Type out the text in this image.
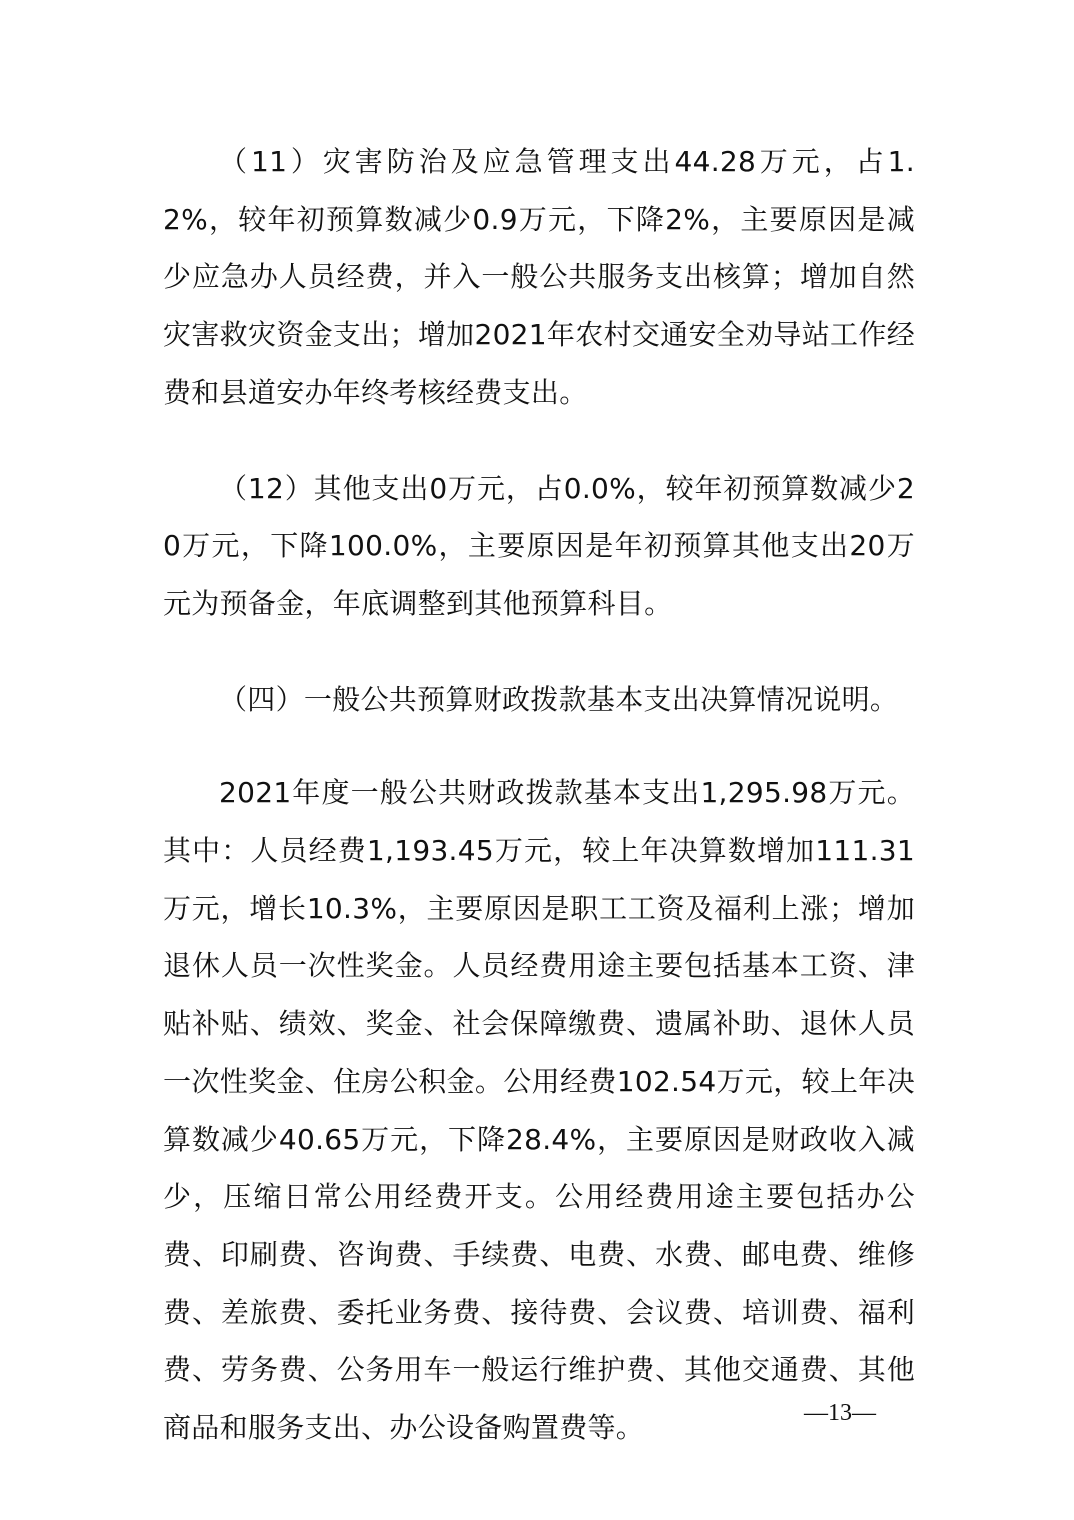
（11）灾害防治及应急管理支出44.28万元，占1.2%，较年初预算数减少0.9万元，下降2%，主要原因是减少应急办人员经费，并入一般公共服务支出核算；增加自然灾害救灾资金支出；增加2021年农村交通安全劝导站工作经费和县道安办年终考核经费支出。

（12）其他支出0万元，占0.0%，较年初预算数减少20万元，下降100.0%，主要原因是年初预算其他支出20万元为预备金，年底调整到其他预算科目。

（四）一般公共预算财政拨款基本支出决算情况说明。

2021年度一般公共财政拨款基本支出1,295.98万元。其中：人员经费1,193.45万元，较上年决算数增加111.31万元，增长10.3%，主要原因是职工工资及福利上涨；增加退休人员一次性奖金。人员经费用途主要包括基本工资、津贴补贴、绩效、奖金、社会保障缴费、遗属补助、退休人员一次性奖金、住房公积金。公用经费102.54万元，较上年决算数减少40.65万元，下降28.4%，主要原因是财政收入减少，压缩日常公用经费开支。公用经费用途主要包括办公费、印刷费、咨询费、手续费、电费、水费、邮电费、维修费、差旅费、委托业务费、接待费、会议费、培训费、福利费、劳务费、公务用车一般运行维护费、其他交通费、其他商品和服务支出、办公设备购置费等。	—13—
